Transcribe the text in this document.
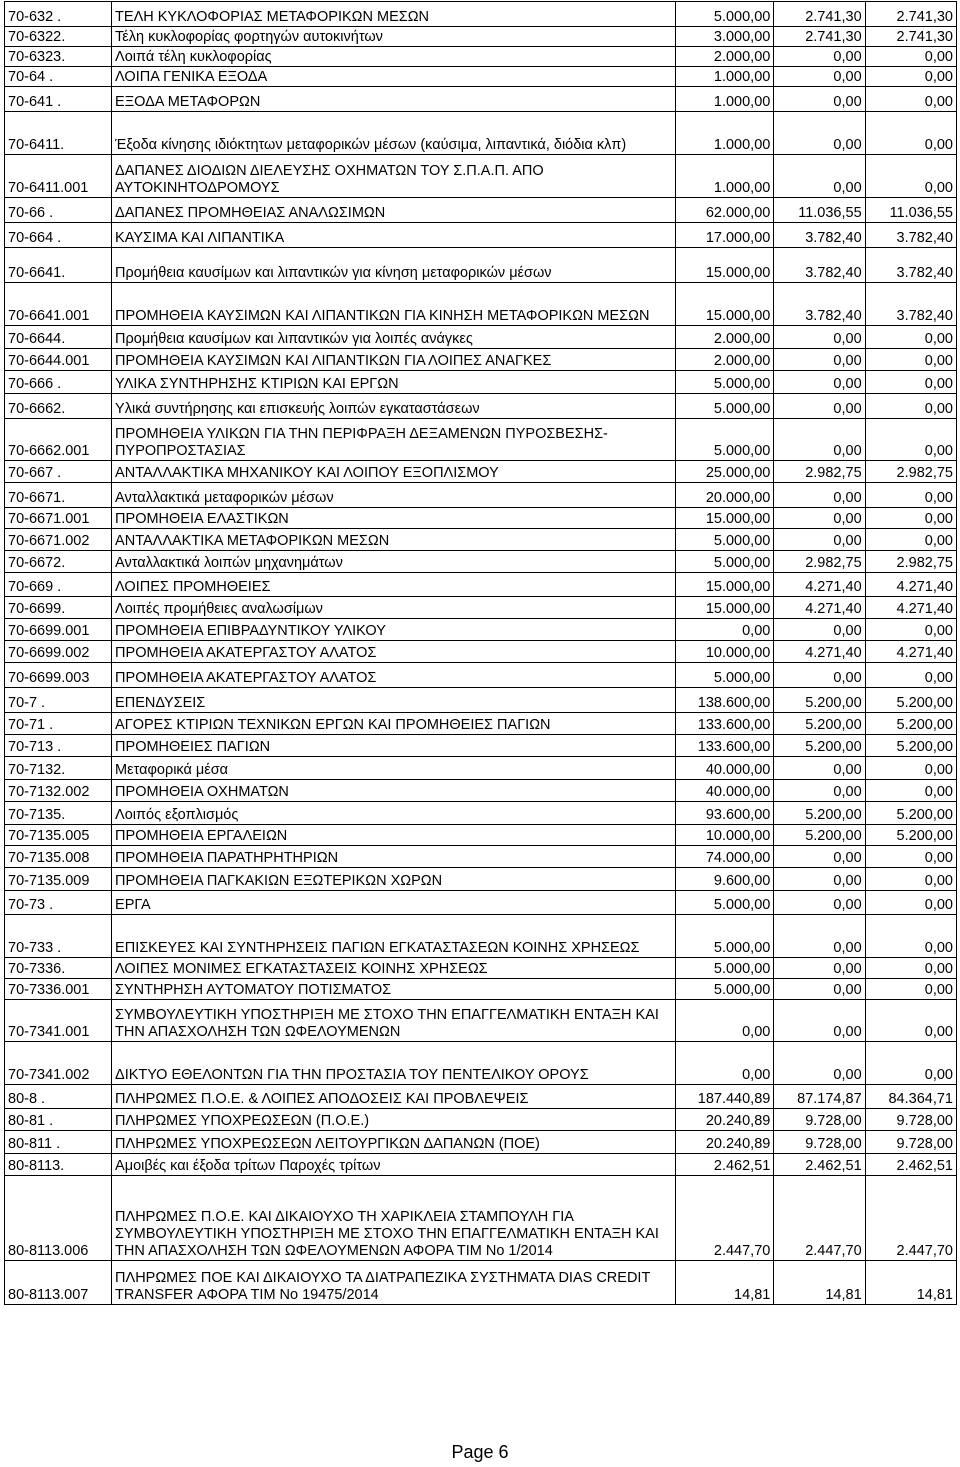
70-632 .	ΤΕΛΗ ΚΥΚΛΟΦΟΡΙΑΣ ΜΕΤΑΦΟΡΙΚΩΝ ΜΕΣΩΝ	5.000,00	2.741,30	2.741,30
70-6322.	Τέλη κυκλοφορίας φορτηγών αυτοκινήτων	3.000,00	2.741,30	2.741,30
70-6323.	Λοιπά τέλη κυκλοφορίας	2.000,00	0,00	0,00
70-64 .	ΛΟΙΠΑ ΓΕΝΙΚΑ ΕΞΟΔΑ	1.000,00	0,00	0,00
70-641 .	ΕΞΟΔΑ ΜΕΤΑΦΟΡΩΝ	1.000,00	0,00	0,00
70-6411.	Έξοδα κίνησης ιδιόκτητων μεταφορικών μέσων (καύσιμα, λιπαντικά, διόδια κλπ)	1.000,00	0,00	0,00
70-6411.001	ΔΑΠΑΝΕΣ ΔΙΟΔΙΩΝ ΔΙΕΛΕΥΣΗΣ ΟΧΗΜΑΤΩΝ ΤΟΥ Σ.Π.Α.Π. ΑΠΟ ΑΥΤΟΚΙΝΗΤΟΔΡΟΜΟΥΣ	1.000,00	0,00	0,00
70-66 .	ΔΑΠΑΝΕΣ ΠΡΟΜΗΘΕΙΑΣ ΑΝΑΛΩΣΙΜΩΝ	62.000,00	11.036,55	11.036,55
70-664 .	ΚΑΥΣΙΜΑ ΚΑΙ ΛΙΠΑΝΤΙΚΑ	17.000,00	3.782,40	3.782,40
70-6641.	Προμήθεια καυσίμων και λιπαντικών για κίνηση μεταφορικών μέσων	15.000,00	3.782,40	3.782,40
70-6641.001	ΠΡΟΜΗΘΕΙΑ ΚΑΥΣΙΜΩΝ ΚΑΙ ΛΙΠΑΝΤΙΚΩΝ ΓΙΑ ΚΙΝΗΣΗ ΜΕΤΑΦΟΡΙΚΩΝ ΜΕΣΩΝ	15.000,00	3.782,40	3.782,40
70-6644.	Προμήθεια καυσίμων και λιπαντικών για λοιπές ανάγκες	2.000,00	0,00	0,00
70-6644.001	ΠΡΟΜΗΘΕΙΑ ΚΑΥΣΙΜΩΝ ΚΑΙ ΛΙΠΑΝΤΙΚΩΝ ΓΙΑ ΛΟΙΠΕΣ ΑΝΑΓΚΕΣ	2.000,00	0,00	0,00
70-666 .	ΥΛΙΚΑ ΣΥΝΤΗΡΗΣΗΣ ΚΤΙΡΙΩΝ ΚΑΙ ΕΡΓΩΝ	5.000,00	0,00	0,00
70-6662.	Υλικά συντήρησης και επισκευής λοιπών εγκαταστάσεων	5.000,00	0,00	0,00
70-6662.001	ΠΡΟΜΗΘΕΙΑ ΥΛΙΚΩΝ ΓΙΑ ΤΗΝ ΠΕΡΙΦΡΑΞΗ ΔΕΞΑΜΕΝΩΝ ΠΥΡΟΣΒΕΣΗΣ-ΠΥΡΟΠΡΟΣΤΑΣΙΑΣ	5.000,00	0,00	0,00
70-667 .	ΑΝΤΑΛΛΑΚΤΙΚΑ ΜΗΧΑΝΙΚΟΥ ΚΑΙ ΛΟΙΠΟΥ ΕΞΟΠΛΙΣΜΟΥ	25.000,00	2.982,75	2.982,75
70-6671.	Ανταλλακτικά μεταφορικών μέσων	20.000,00	0,00	0,00
70-6671.001	ΠΡΟΜΗΘΕΙΑ ΕΛΑΣΤΙΚΩΝ	15.000,00	0,00	0,00
70-6671.002	ΑΝΤΑΛΛΑΚΤΙΚΑ ΜΕΤΑΦΟΡΙΚΩΝ ΜΕΣΩΝ	5.000,00	0,00	0,00
70-6672.	Ανταλλακτικά λοιπών μηχανημάτων	5.000,00	2.982,75	2.982,75
70-669 .	ΛΟΙΠΕΣ ΠΡΟΜΗΘΕΙΕΣ	15.000,00	4.271,40	4.271,40
70-6699.	Λοιπές προμήθειες αναλωσίμων	15.000,00	4.271,40	4.271,40
70-6699.001	ΠΡΟΜΗΘΕΙΑ ΕΠΙΒΡΑΔΥΝΤΙΚΟΥ ΥΛΙΚΟΥ	0,00	0,00	0,00
70-6699.002	ΠΡΟΜΗΘΕΙΑ ΑΚΑΤΕΡΓΑΣΤΟΥ ΑΛΑΤΟΣ	10.000,00	4.271,40	4.271,40
70-6699.003	ΠΡΟΜΗΘΕΙΑ ΑΚΑΤΕΡΓΑΣΤΟΥ ΑΛΑΤΟΣ	5.000,00	0,00	0,00
70-7 .	ΕΠΕΝΔΥΣΕΙΣ	138.600,00	5.200,00	5.200,00
70-71 .	ΑΓΟΡΕΣ ΚΤΙΡΙΩΝ ΤΕΧΝΙΚΩΝ ΕΡΓΩΝ ΚΑΙ ΠΡΟΜΗΘΕΙΕΣ ΠΑΓΙΩΝ	133.600,00	5.200,00	5.200,00
70-713 .	ΠΡΟΜΗΘΕΙΕΣ ΠΑΓΙΩΝ	133.600,00	5.200,00	5.200,00
70-7132.	Μεταφορικά μέσα	40.000,00	0,00	0,00
70-7132.002	ΠΡΟΜΗΘΕΙΑ ΟΧΗΜΑΤΩΝ	40.000,00	0,00	0,00
70-7135.	Λοιπός εξοπλισμός	93.600,00	5.200,00	5.200,00
70-7135.005	ΠΡΟΜΗΘΕΙΑ ΕΡΓΑΛΕΙΩΝ	10.000,00	5.200,00	5.200,00
70-7135.008	ΠΡΟΜΗΘΕΙΑ ΠΑΡΑΤΗΡΗΤΗΡΙΩΝ	74.000,00	0,00	0,00
70-7135.009	ΠΡΟΜΗΘΕΙΑ ΠΑΓΚΑΚΙΩΝ ΕΞΩΤΕΡΙΚΩΝ ΧΩΡΩΝ	9.600,00	0,00	0,00
70-73 .	ΕΡΓΑ	5.000,00	0,00	0,00
70-733 .	ΕΠΙΣΚΕΥΕΣ ΚΑΙ ΣΥΝΤΗΡΗΣΕΙΣ ΠΑΓΙΩΝ ΕΓΚΑΤΑΣΤΑΣΕΩΝ ΚΟΙΝΗΣ ΧΡΗΣΕΩΣ	5.000,00	0,00	0,00
70-7336.	ΛΟΙΠΕΣ ΜΟΝΙΜΕΣ ΕΓΚΑΤΑΣΤΑΣΕΙΣ ΚΟΙΝΗΣ ΧΡΗΣΕΩΣ	5.000,00	0,00	0,00
70-7336.001	ΣΥΝΤΗΡΗΣΗ ΑΥΤΟΜΑΤΟΥ ΠΟΤΙΣΜΑΤΟΣ	5.000,00	0,00	0,00
70-7341.001	ΣΥΜΒΟΥΛΕΥΤΙΚΗ ΥΠΟΣΤΗΡΙΞΗ ΜΕ ΣΤΟΧΟ ΤΗΝ ΕΠΑΓΓΕΛΜΑΤΙΚΗ ΕΝΤΑΞΗ ΚΑΙ ΤΗΝ ΑΠΑΣΧΟΛΗΣΗ ΤΩΝ ΩΦΕΛΟΥΜΕΝΩΝ	0,00	0,00	0,00
70-7341.002	ΔΙΚΤΥΟ ΕΘΕΛΟΝΤΩΝ ΓΙΑ ΤΗΝ ΠΡΟΣΤΑΣΙΑ ΤΟΥ ΠΕΝΤΕΛΙΚΟΥ ΟΡΟΥΣ	0,00	0,00	0,00
80-8 .	ΠΛΗΡΩΜΕΣ Π.Ο.Ε. & ΛΟΙΠΕΣ ΑΠΟΔΟΣΕΙΣ ΚΑΙ ΠΡΟΒΛΕΨΕΙΣ	187.440,89	87.174,87	84.364,71
80-81 .	ΠΛΗΡΩΜΕΣ ΥΠΟΧΡΕΩΣΕΩΝ (Π.Ο.Ε.)	20.240,89	9.728,00	9.728,00
80-811 .	ΠΛΗΡΩΜΕΣ ΥΠΟΧΡΕΩΣΕΩΝ ΛΕΙΤΟΥΡΓΙΚΩΝ ΔΑΠΑΝΩΝ (ΠΟΕ)	20.240,89	9.728,00	9.728,00
80-8113.	Αμοιβές και έξοδα τρίτων Παροχές τρίτων	2.462,51	2.462,51	2.462,51
80-8113.006	ΠΛΗΡΩΜΕΣ Π.Ο.Ε. ΚΑΙ ΔΙΚΑΙΟΥΧΟ ΤΗ ΧΑΡΙΚΛΕΙΑ ΣΤΑΜΠΟΥΛΗ ΓΙΑ ΣΥΜΒΟΥΛΕΥΤΙΚΗ ΥΠΟΣΤΗΡΙΞΗ ΜΕ ΣΤΟΧΟ ΤΗΝ ΕΠΑΓΓΕΛΜΑΤΙΚΗ ΕΝΤΑΞΗ ΚΑΙ ΤΗΝ ΑΠΑΣΧΟΛΗΣΗ ΤΩΝ ΩΦΕΛΟΥΜΕΝΩΝ ΑΦΟΡΑ ΤΙΜ Νο 1/2014	2.447,70	2.447,70	2.447,70
80-8113.007	ΠΛΗΡΩΜΕΣ ΠΟΕ ΚΑΙ ΔΙΚΑΙΟΥΧΟ ΤΑ ΔΙΑΤΡΑΠΕΖΙΚΑ ΣΥΣΤΗΜΑΤΑ DIAS CREDIT TRANSFER ΑΦΟΡΑ ΤΙΜ Νο 19475/2014	14,81	14,81	14,81
Page 6
